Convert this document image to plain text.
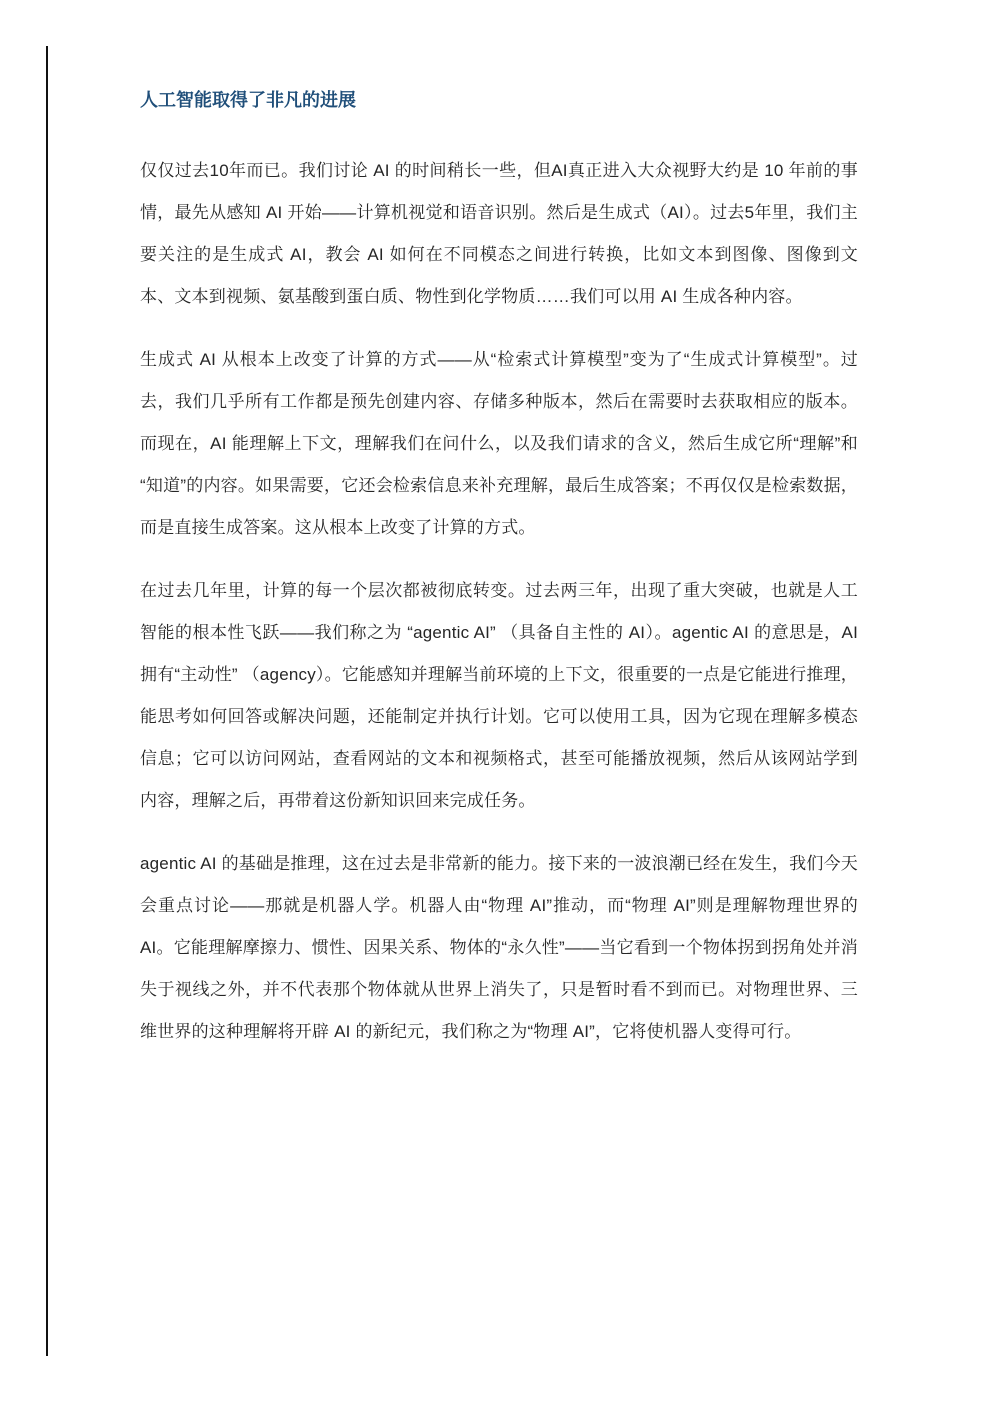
人工智能取得了非凡的进展

仅仅过去10年而已。我们讨论 AI 的时间稍长一些，但AI真正进入大众视野大约是 10 年前的事情，最先从感知 AI 开始——计算机视觉和语音识别。然后是生成式（AI）。过去5年里，我们主要关注的是生成式 AI，教会 AI 如何在不同模态之间进行转换，比如文本到图像、图像到文本、文本到视频、氨基酸到蛋白质、物性到化学物质……我们可以用 AI 生成各种内容。

生成式 AI 从根本上改变了计算的方式——从“检索式计算模型”变为了“生成式计算模型”。过去，我们几乎所有工作都是预先创建内容、存储多种版本，然后在需要时去获取相应的版本。而现在，AI 能理解上下文，理解我们在问什么，以及我们请求的含义，然后生成它所“理解”和“知道”的内容。如果需要，它还会检索信息来补充理解，最后生成答案；不再仅仅是检索数据，而是直接生成答案。这从根本上改变了计算的方式。

在过去几年里，计算的每一个层次都被彻底转变。过去两三年，出现了重大突破，也就是人工智能的根本性飞跃——我们称之为 “agentic AI” （具备自主性的 AI）。agentic AI 的意思是，AI 拥有“主动性” （agency）。它能感知并理解当前环境的上下文，很重要的一点是它能进行推理，能思考如何回答或解决问题，还能制定并执行计划。它可以使用工具，因为它现在理解多模态信息；它可以访问网站，查看网站的文本和视频格式，甚至可能播放视频，然后从该网站学到内容，理解之后，再带着这份新知识回来完成任务。

agentic AI 的基础是推理，这在过去是非常新的能力。接下来的一波浪潮已经在发生，我们今天会重点讨论——那就是机器人学。机器人由“物理 AI”推动，而“物理 AI”则是理解物理世界的 AI。它能理解摩擦力、惯性、因果关系、物体的“永久性”——当它看到一个物体拐到拐角处并消失于视线之外，并不代表那个物体就从世界上消失了，只是暂时看不到而已。对物理世界、三维世界的这种理解将开辟 AI 的新纪元，我们称之为“物理 AI”，它将使机器人变得可行。
